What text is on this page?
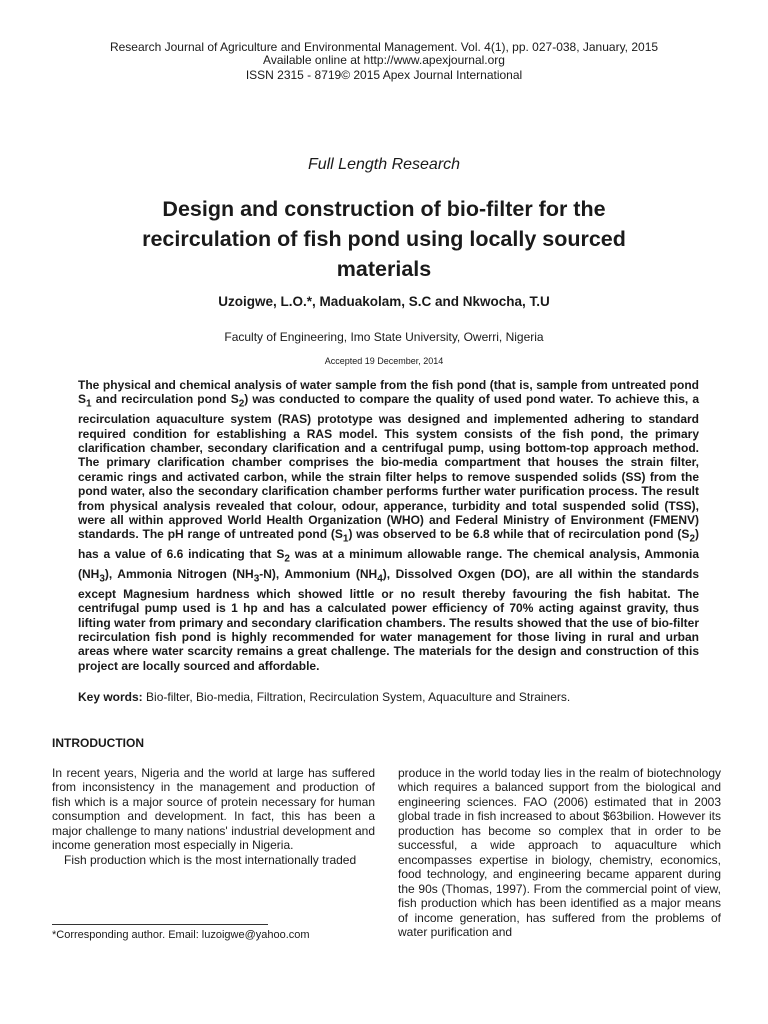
Research Journal of Agriculture and Environmental Management. Vol. 4(1), pp. 027-038, January, 2015
Available online at http://www.apexjournal.org
ISSN 2315 - 8719© 2015 Apex Journal International
Full Length Research
Design and construction of bio-filter for the
recirculation of fish pond using locally sourced
materials
Uzoigwe, L.O.*, Maduakolam, S.C and Nkwocha, T.U
Faculty of Engineering, Imo State University, Owerri, Nigeria
Accepted 19 December, 2014
The physical and chemical analysis of water sample from the fish pond (that is, sample from untreated pond $S_1$ and recirculation pond $S_2$) was conducted to compare the quality of used pond water. To achieve this, a recirculation aquaculture system (RAS) prototype was designed and implemented adhering to standard required condition for establishing a RAS model. This system consists of the fish pond, the primary clarification chamber, secondary clarification and a centrifugal pump, using bottom-top approach method. The primary clarification chamber comprises the bio-media compartment that houses the strain filter, ceramic rings and activated carbon, while the strain filter helps to remove suspended solids (SS) from the pond water, also the secondary clarification chamber performs further water purification process. The result from physical analysis revealed that colour, odour, apperance, turbidity and total suspended solid (TSS), were all within approved World Health Organization (WHO) and Federal Ministry of Environment (FMENV) standards. The pH range of untreated pond $(S_1)$ was observed to be 6.8 while that of recirculation pond $(S_2)$ has a value of 6.6 indicating that $S_2$ was at a minimum allowable range. The chemical analysis, Ammonia $(NH_3)$, Ammonia Nitrogen $(NH_3-N)$, Ammonium $(NH_4)$, Dissolved Oxgen (DO), are all within the standards except Magnesium hardness which showed little or no result thereby favouring the fish habitat. The centrifugal pump used is 1 hp and has a calculated power efficiency of 70% acting against gravity, thus lifting water from primary and secondary clarification chambers. The results showed that the use of bio-filter recirculation fish pond is highly recommended for water management for those living in rural and urban areas where water scarcity remains a great challenge. The materials for the design and construction of this project are locally sourced and affordable.
Key words: Bio-filter, Bio-media, Filtration, Recirculation System, Aquaculture and Strainers.
INTRODUCTION

In recent years, Nigeria and the world at large has suffered from inconsistency in the management and production of fish which is a major source of protein necessary for human consumption and development. In fact, this has been a major challenge to many nations' industrial development and income generation most especially in Nigeria.

Fish production which is the most internationally traded

produce in the world today lies in the realm of biotechnology which requires a balanced support from the biological and engineering sciences. FAO (2006) estimated that in 2003 global trade in fish increased to about $63bilion. However its production has become so complex that in order to be successful, a wide approach to aquaculture which encompasses expertise in biology, chemistry, economics, food technology, and engineering became apparent during the 90s (Thomas, 1997). From the commercial point of view, fish production which has been identified as a major means of income generation, has suffered from the problems of water purification and

*Corresponding author. Email: luzoigwe@yahoo.com
